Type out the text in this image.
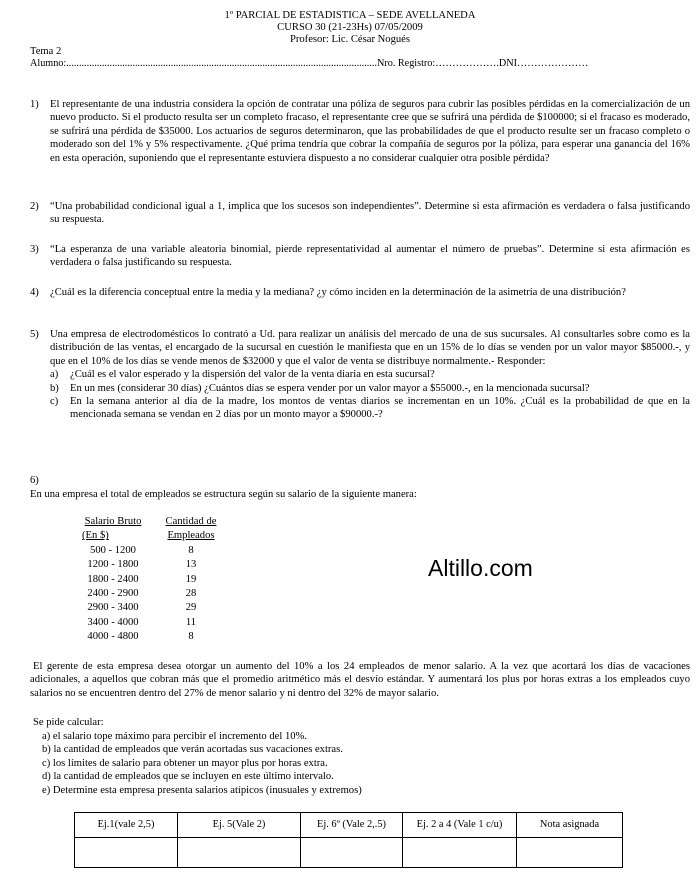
1º PARCIAL DE ESTADISTICA – SEDE AVELLANEDA
CURSO 30 (21-23Hs) 07/05/2009
Profesor: Lic. César Nogués
Tema 2
Alumno:..........................................................................................................................Nro. Registro:……………….DNI…………………
1) El representante de una industria considera la opción de contratar una póliza de seguros para cubrir las posibles pérdidas en la comercialización de un nuevo producto. Si el producto resulta ser un completo fracaso, el representante cree que se sufrirá una pérdida de $100000; si el fracaso es moderado, se sufrirá una pérdida de $35000. Los actuarios de seguros determinaron, que las probabilidades de que el producto resulte ser un fracaso completo o moderado son del 1% y 5% respectivamente. ¿Qué prima tendría que cobrar la compañía de seguros por la póliza, para esperar una ganancia del 16% en esta operación, suponiendo que el representante estuviera dispuesto a no considerar cualquier otra posible pérdida?
2) “Una probabilidad condicional igual a 1, implica que los sucesos son independientes”. Determine si esta afirmación es verdadera o falsa justificando su respuesta.
3) “La esperanza de una variable aleatoria binomial, pierde representatividad al aumentar el número de pruebas”. Determine si esta afirmación es verdadera o falsa justificando su respuesta.
4) ¿Cuál es la diferencia conceptual entre la media y la mediana? ¿y cómo inciden en la determinación de la asimetría de una distribución?
5) Una empresa de electrodomésticos lo contrató a Ud. para realizar un análisis del mercado de una de sus sucursales. Al consultarles sobre como es la distribución de las ventas, el encargado de la sucursal en cuestión le manifiesta que en un 15% de lo días se venden por un valor mayor $85000.-, y que en el 10% de los días se vende menos de $32000 y que el valor de venta se distribuye normalmente.- Responder:
a) ¿Cuál es el valor esperado y la dispersión del valor de la venta diaria en esta sucursal?
b) En un mes (considerar 30 días) ¿Cuántos días se espera vender por un valor mayor a $55000.-, en la mencionada sucursal?
c) En la semana anterior al día de la madre, los montos de ventas diarios se incrementan en un 10%. ¿Cuál es la probabilidad de que en la mencionada semana se vendan en 2 días por un monto mayor a $90000.-?
6)
En una empresa el total de empleados se estructura según su salario de la siguiente manera:
Salario Bruto	Cantidad de
(En $)	Empleados
500 - 1200	8
1200 - 1800	13
1800 - 2400	19
2400 - 2900	28
2900 - 3400	29
3400 - 4000	11
4000 - 4800	8
Altillo.com
El gerente de esta empresa desea otorgar un aumento del 10% a los 24 empleados de menor salario. A la vez que acortará los días de vacaciones adicionales, a aquellos que cobran más que el promedio aritmético más el desvío estándar. Y aumentará los plus por horas extras a los empleados cuyo salarios no se encuentren dentro del 27% de menor salario y ni dentro del 32% de mayor salario.
Se pide calcular:
a) el salario tope máximo para percibir el incremento del 10%.
b) la cantidad de empleados que verán acortadas sus vacaciones extras.
c) los límites de salario para obtener un mayor plus por horas extra.
d) la cantidad de empleados que se incluyen en este último intervalo.
e) Determine esta empresa presenta salarios atípicos (inusuales y extremos)
Ej.1(vale 2,5)	Ej. 5(Vale 2)	Ej. 6º (Vale 2,.5)	Ej. 2 a 4 (Vale 1 c/u)	Nota asignada
